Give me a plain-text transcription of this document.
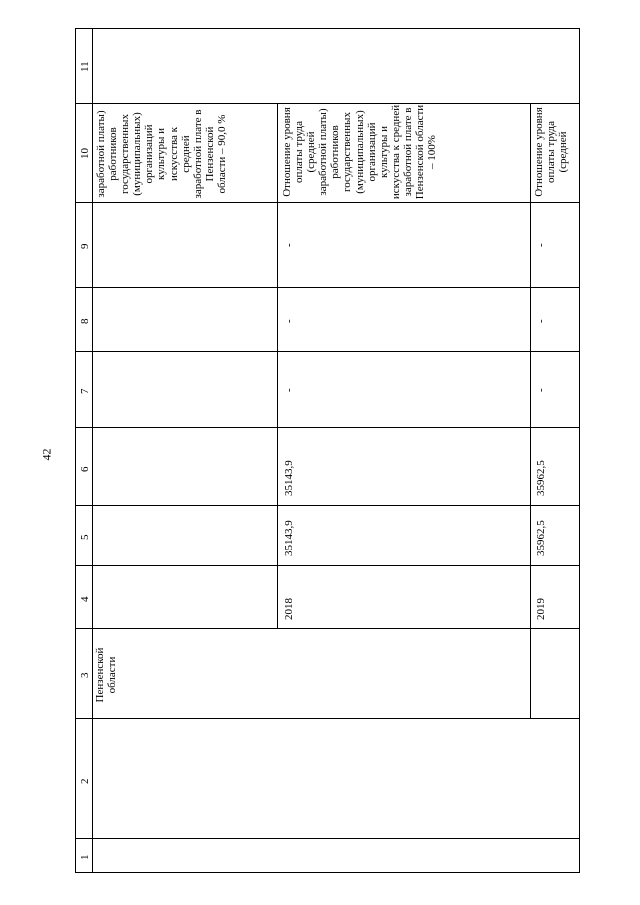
42
11
10
9
8
7
6
5
4
3
2
1
Пензенской области
заработной платы) работников государственных (муниципальных) организаций культуры и искусства к средней заработной плате в Пензенской области – 90,0 %	Отношение уровня оплаты труда (средней заработной платы) работников государственных (муниципальных) организаций культуры и искусства к средней заработной плате в Пензенской области – 100%	Отношение уровня оплаты труда (средней
2018
35143,9
35143,9
-
-
-
2019
35962,5
35962,5
-
-
-
